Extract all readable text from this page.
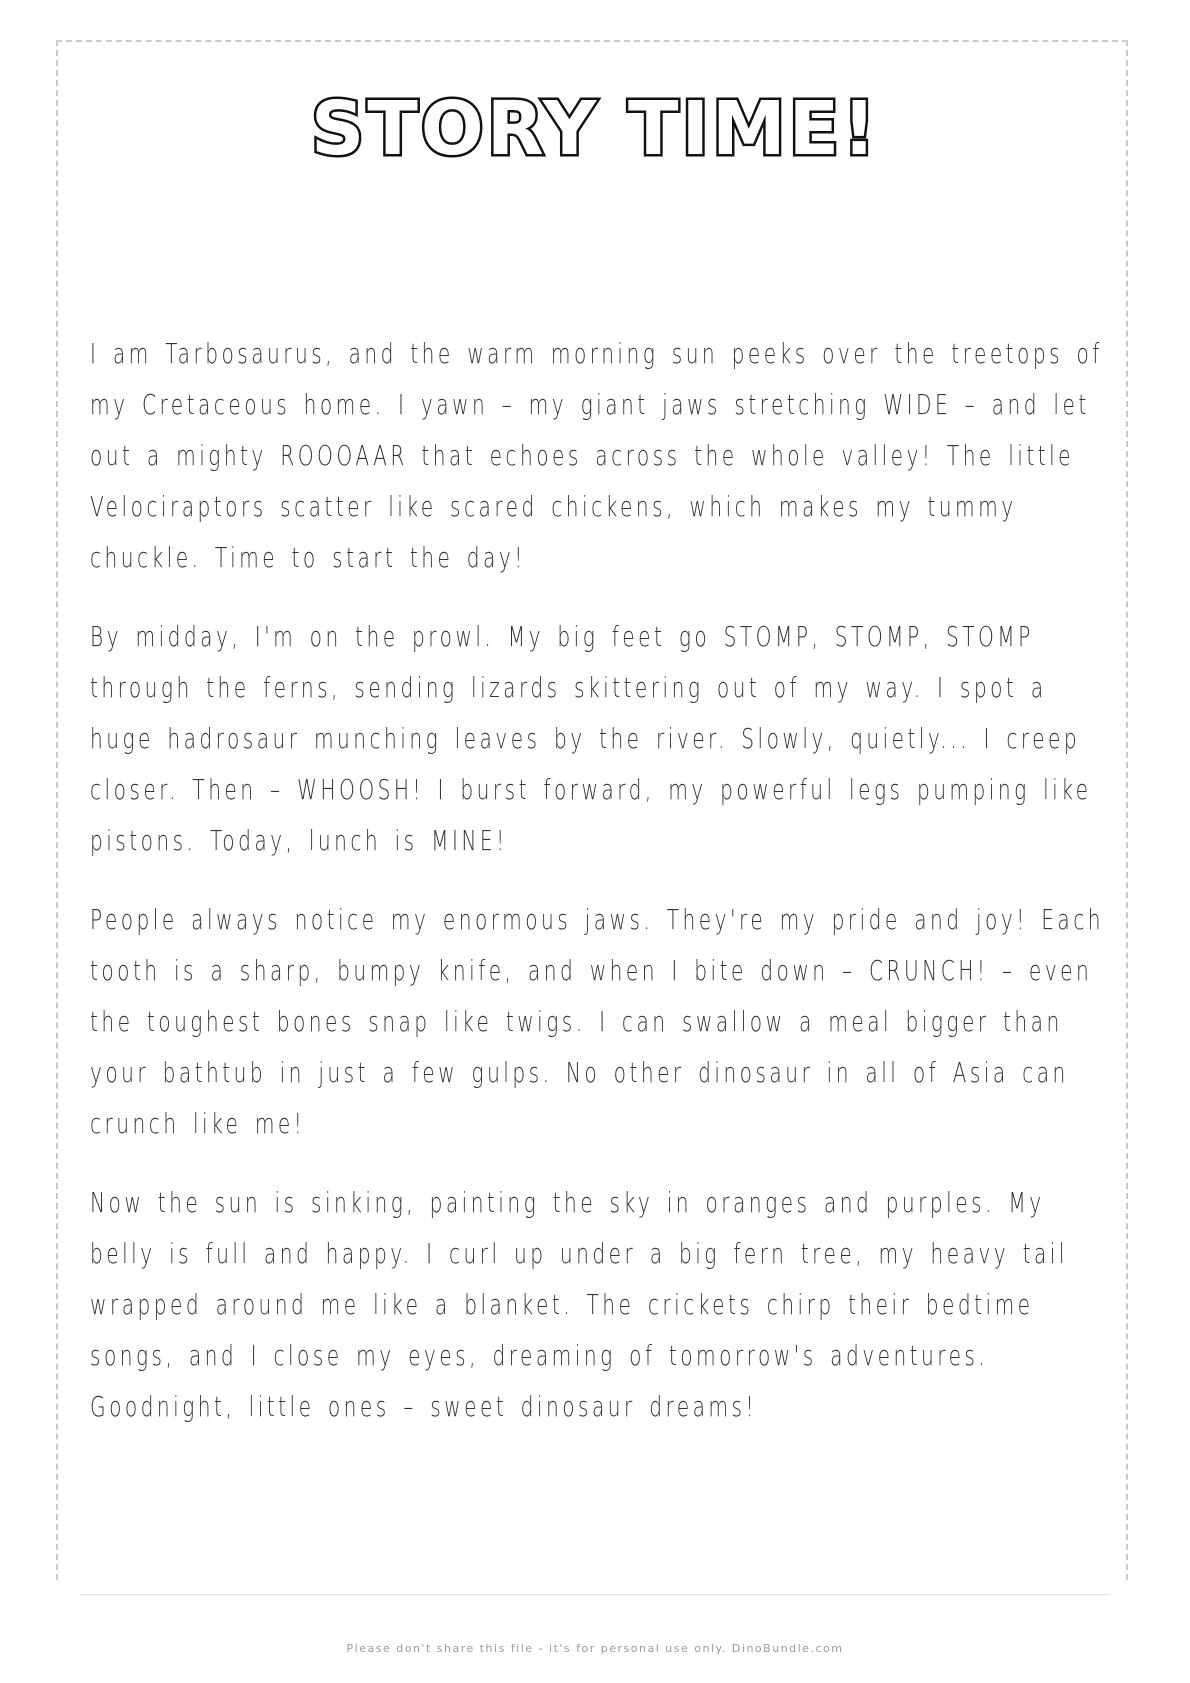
STORY TIME!

I am Tarbosaurus, and the warm morning sun peeks over the treetops of my Cretaceous home. I yawn – my giant jaws stretching WIDE – and let out a mighty ROOOAAR that echoes across the whole valley! The little Velociraptors scatter like scared chickens, which makes my tummy chuckle. Time to start the day!

By midday, I'm on the prowl. My big feet go STOMP, STOMP, STOMP through the ferns, sending lizards skittering out of my way. I spot a huge hadrosaur munching leaves by the river. Slowly, quietly... I creep closer. Then – WHOOSH! I burst forward, my powerful legs pumping like pistons. Today, lunch is MINE!

People always notice my enormous jaws. They're my pride and joy! Each tooth is a sharp, bumpy knife, and when I bite down – CRUNCH! – even the toughest bones snap like twigs. I can swallow a meal bigger than your bathtub in just a few gulps. No other dinosaur in all of Asia can crunch like me!

Now the sun is sinking, painting the sky in oranges and purples. My belly is full and happy. I curl up under a big fern tree, my heavy tail wrapped around me like a blanket. The crickets chirp their bedtime songs, and I close my eyes, dreaming of tomorrow's adventures. Goodnight, little ones – sweet dinosaur dreams!

Please don't share this file - it's for personal use only. DinoBundle.com
